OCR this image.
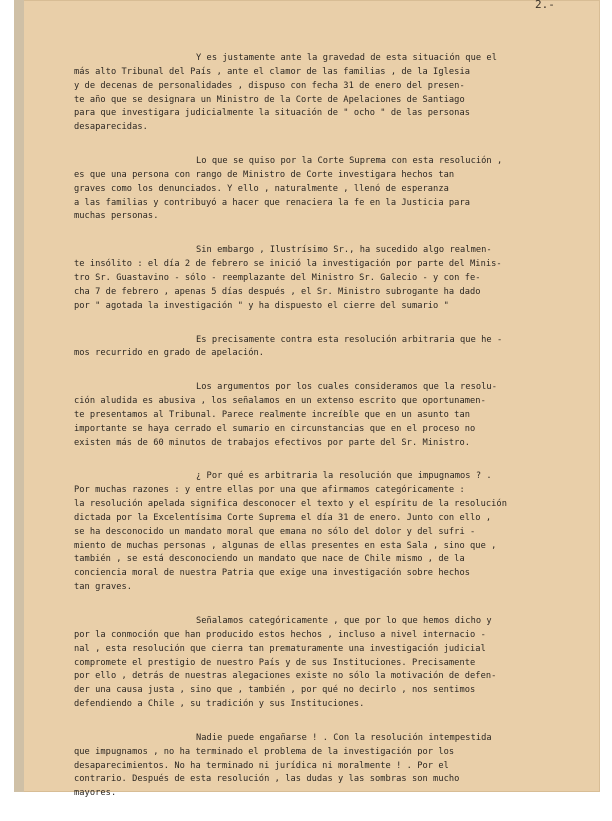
2.-
Y es justamente ante la gravedad de esta situación que el
más alto Tribunal del País , ante el clamor de las familias , de la Iglesia
y de decenas de personalidades , dispuso con fecha 31 de enero del presen-
te año que se designara un Ministro de la Corte de Apelaciones de Santiago
para que investigara judicialmente la situación de " ocho " de las personas
desaparecidas.
Lo que se quiso por la Corte Suprema con esta resolución ,
es que una persona con rango de Ministro de Corte investigara hechos tan
graves como los denunciados. Y ello , naturalmente , llenó de esperanza
a las familias y contribuyó a hacer que renaciera la fe en la Justicia para
muchas personas.
Sin embargo , Ilustrísimo Sr., ha sucedido algo realmen-
te insólito : el día 2 de febrero se inició la investigación por parte del Minis-
tro Sr. Guastavino - sólo - reemplazante del Ministro Sr. Galecio - y con fe-
cha 7 de febrero , apenas 5 días después , el Sr. Ministro subrogante ha dado
por " agotada la investigación " y ha dispuesto el cierre del sumario "
Es precisamente contra esta resolución arbitraria que he -
mos recurrido en grado de apelación.
Los argumentos por los cuales consideramos que la resolu-
ción aludida es abusiva , los señalamos en un extenso escrito que oportunamen-
te presentamos al Tribunal. Parece realmente increíble que en un asunto tan
importante se haya cerrado el sumario en circunstancias que en el proceso no
existen más de 60 minutos de trabajos efectivos por parte del Sr. Ministro.
¿ Por qué es arbitraria la resolución que impugnamos ? .
Por muchas razones : y entre ellas por una que afirmamos categóricamente :
la resolución apelada significa desconocer el texto y el espíritu de la resolución
dictada por la Excelentísima Corte Suprema el día 31 de enero. Junto con ello ,
se ha desconocido un mandato moral que emana no sólo del dolor y del sufri -
miento de muchas personas , algunas de ellas presentes en esta Sala , sino que ,
también , se está desconociendo un mandato que nace de Chile mismo , de la
conciencia moral de nuestra Patria que exige una investigación sobre hechos
tan graves.
Señalamos categóricamente , que por lo que hemos dicho y
por la conmoción que han producido estos hechos , incluso a nivel internacio -
nal , esta resolución que cierra tan prematuramente una investigación judicial
compromete el prestigio de nuestro País y de sus Instituciones. Precisamente
por ello , detrás de nuestras alegaciones existe no sólo la motivación de defen-
der una causa justa , sino que , también , por qué no decirlo , nos sentimos
defendiendo a Chile , su tradición y sus Instituciones.
Nadie puede engañarse ! . Con la resolución intempestida
que impugnamos , no ha terminado el problema de la investigación por los
desaparecimientos. No ha terminado ni jurídica ni moralmente ! . Por el
contrario. Después de esta resolución , las dudas y las sombras son mucho
mayores.
